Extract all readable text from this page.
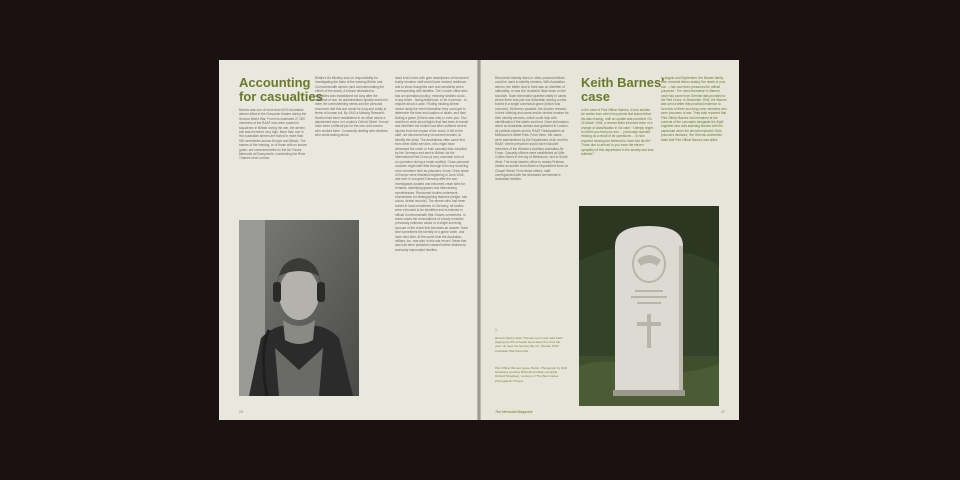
Accounting
for casualties
Barnes was one of more than 6000 Australian airmen killed in the European theatre during the Second World War. From his estimated 27,000 members of the RAAF who were posted to squadrons in Britain during the war, the airmen lost was therefore very high. More than one in five Australian airmen are buried in more than 900 cemeteries across Europe and Britain. The names of the missing, or of those with no known grave, are commemorated on the Air Forces Memorial at Runnymede, overlooking the River Thames near London.
Britain's Air Ministry took on responsibility for investigating the fates of the missing British and Commonwealth airmen (and commemorating the efforts of the dead). A branch dedicated to casualties was established not long after the outbreak of war. Its administrators quickly worked to meet the overwhelming needs and the personal resources that this war would be long and costly in terms of human toll. By 1942 a Missing Research Section had been established in an office above a department store on London's Oxford Street. It must have been a difficult job for the men and women who worked there. Constantly dealing with relatives who wrote asking about
dead loved ones with grim descriptions of recovered bodily remains: staff would have needed resilience, and to show thoughtful care and sensitivity when corresponding with families. The London office also had an operational policy, meaning families could - in any times - facing telephone, or be in person - to enquire about a case. Finding missing airmen meant using the best information they could get to determine the time and location of death, and then finding a grave (if there was one) or even you. Two months to write about flights that had been in transit and identified the bodies had often suffered severe injuries from the impact of the crash. It fell to the staff, not discovered any recovered remains, to identify the dead. The Australians often came first from other Allied services, who might have witnessed the crash or from casualty lists compiled by the Germans and sent to Britain via the International Red Cross (a very uncertain form of co-operation during a brutal conflict). Close personal contacts might later filter through from any surviving crew members held as prisoners of war. Once areas of Europe were liberated beginning in June 1944, and then in occupied Germany after the war, investigators located and exhumed crash sites for remains, identifying graves and interviewing eyewitnesses. Recovered bodies underwent examination for distinguishing features (height, hair colour, dental records). The airmen who had been buried in local cemeteries in Germany, all bodies were exhumed to be identified and re-interred in official Commonwealth War Graves cemeteries. In some cases the exhumations of a body revealed previously unknown cases or a single surviving account of the crash that becomes an answer. Hard time sometimes the identity of a grave when, and have died later. At the same time the Australian military, too, was also in this war record. News that was had been published caused further distress to anxiously impounded families.
24
Recovered identity discs or other personal effects could be used to identify remains. With Australian airmen, the better clue in front was on identifier of nationality, or was the 'Australia' flash sewn on the shoulder. Each information granted clarity in cases where there was just one Australian among a crew buried in a single communal grave (which was common). Wherever possible, the doctors dressed in their clothing and name and/or service number for their identity services, which could help with identification if the labels survived. Once information about an Australian airman was gathered in London, all portfolio sheets sent to RAAF Headquarters at Melbourne's Albert Park. From there, the cases were administered by the Department of Air and the RAAF, where personnel would have included members of the Women's Auxiliary Australian Air Force. Casualty officers were established at Little Collins Street in the city of Melbourne, and in South West. The body bearers office to nearby Prahran, invited an airmen from Albert a Department store on Chapel Street. From these offices, staff corresponded with the deceased servicemen's Australian families.
Keith Barnes'
case
In the case of Pilot Officer Barnes, it took another six weeks from when his parents first learned that his was missing, until an update was provided. On 16 March 1945, a receive letter informed them of a change of classification in his case: "I deeply regret to inform you that your son ... previously reported missing as a result of air operations ... is now reported missing but believed to have lost his life". Those due to arrived to you more the eleven sympathy of this department in the anxiety and loss suffered."
In August and September, the Barnes family then received letters stating 'the death of your son ... has now been presumed for official purposes'. The new information in Barnes' case had come from German lists provided to the Red Cross. In December 1944, the Barnes was sent a letter that provided evidence to form two of three surviving crew members who were prisoners of war. They both reported that Pilot Officer Barnes had remained at the controls of the Lancaster alongside the flight engineer who was assisting Barnes with the parachute when the aircraft exploded. Both prisoners declared, 'the German authorities state that Pilot Officer Barnes was killed'.
1
Recent history when Thomas Lyons last read Keith playing the 6th of heads and a letter from him the year. He does his last day like thi.. We like 1943 Australian War Memorial.
Pilot Officer Barnes' grave, Berlin. Photograph by Wolf Strasberg courtesy Rhineland Gallery Australia. Richard Strasberg, courtesy of The War Graves Photographic Project.
The Memorial Magazine	27
